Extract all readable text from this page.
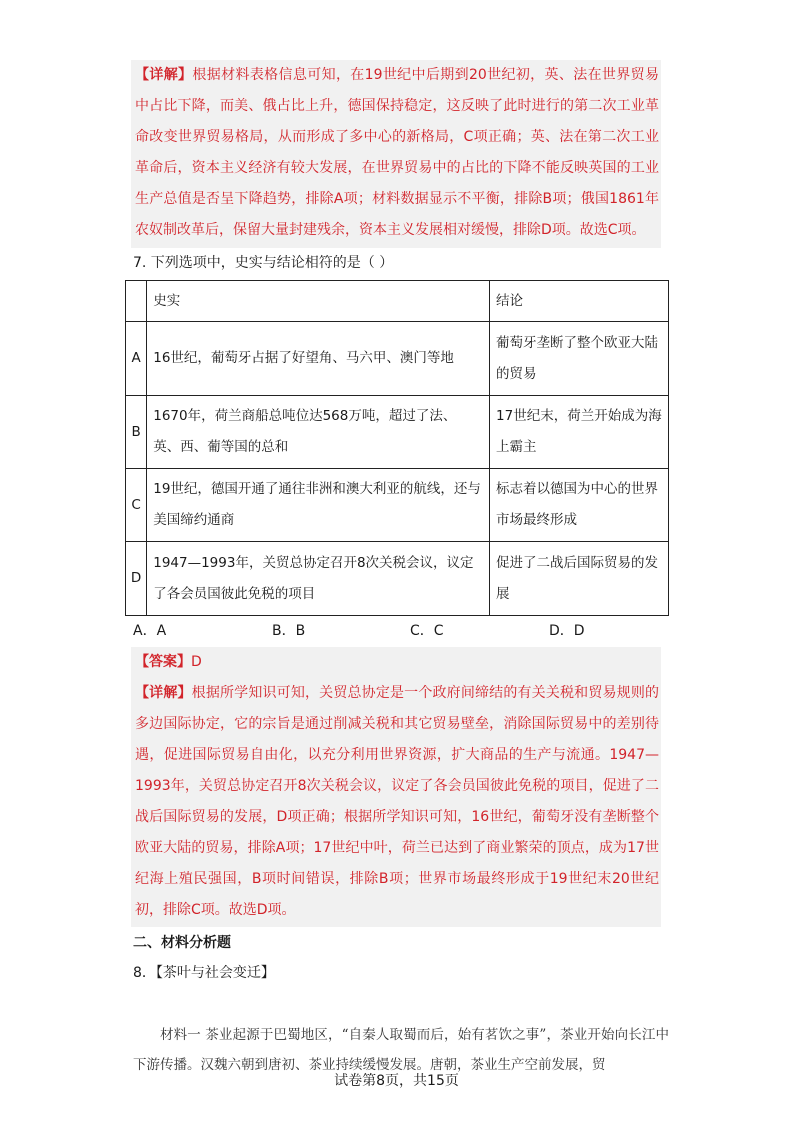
【详解】根据材料表格信息可知，在19世纪中后期到20世纪初，英、法在世界贸易中占比下降，而美、俄占比上升，德国保持稳定，这反映了此时进行的第二次工业革命改变世界贸易格局，从而形成了多中心的新格局，C项正确；英、法在第二次工业革命后，资本主义经济有较大发展，在世界贸易中的占比的下降不能反映英国的工业生产总值是否呈下降趋势，排除A项；材料数据显示不平衡，排除B项；俄国1861年农奴制改革后，保留大量封建残余，资本主义发展相对缓慢，排除D项。故选C项。

7. 下列选项中，史实与结论相符的是（ ）
	史实	结论
A	16世纪，葡萄牙占据了好望角、马六甲、澳门等地	葡萄牙垄断了整个欧亚大陆的贸易
B	1670年，荷兰商船总吨位达568万吨，超过了法、英、西、葡等国的总和	17世纪末，荷兰开始成为海上霸主
C	19世纪，德国开通了通往非洲和澳大利亚的航线，还与美国缔约通商	标志着以德国为中心的世界市场最终形成
D	1947—1993年，关贸总协定召开8次关税会议，议定了各会员国彼此免税的项目	促进了二战后国际贸易的发展
A．A	B．B	C．C	D．D

【答案】D

【详解】根据所学知识可知，关贸总协定是一个政府间缔结的有关关税和贸易规则的多边国际协定，它的宗旨是通过削减关税和其它贸易壁垒，消除国际贸易中的差别待遇，促进国际贸易自由化，以充分利用世界资源，扩大商品的生产与流通。1947—1993年，关贸总协定召开8次关税会议，议定了各会员国彼此免税的项目，促进了二战后国际贸易的发展，D项正确；根据所学知识可知，16世纪，葡萄牙没有垄断整个欧亚大陆的贸易，排除A项；17世纪中叶，荷兰已达到了商业繁荣的顶点，成为17世纪海上殖民强国，B项时间错误，排除B项；世界市场最终形成于19世纪末20世纪初，排除C项。故选D项。

二、材料分析题
8．【茶叶与社会变迁】
材料一 茶业起源于巴蜀地区，“自秦人取蜀而后，始有茗饮之事”，茶业开始向长江中下游传播。汉魏六朝到唐初、茶业持续缓慢发展。唐朝，茶业生产空前发展，贸
试卷第8页，共15页
